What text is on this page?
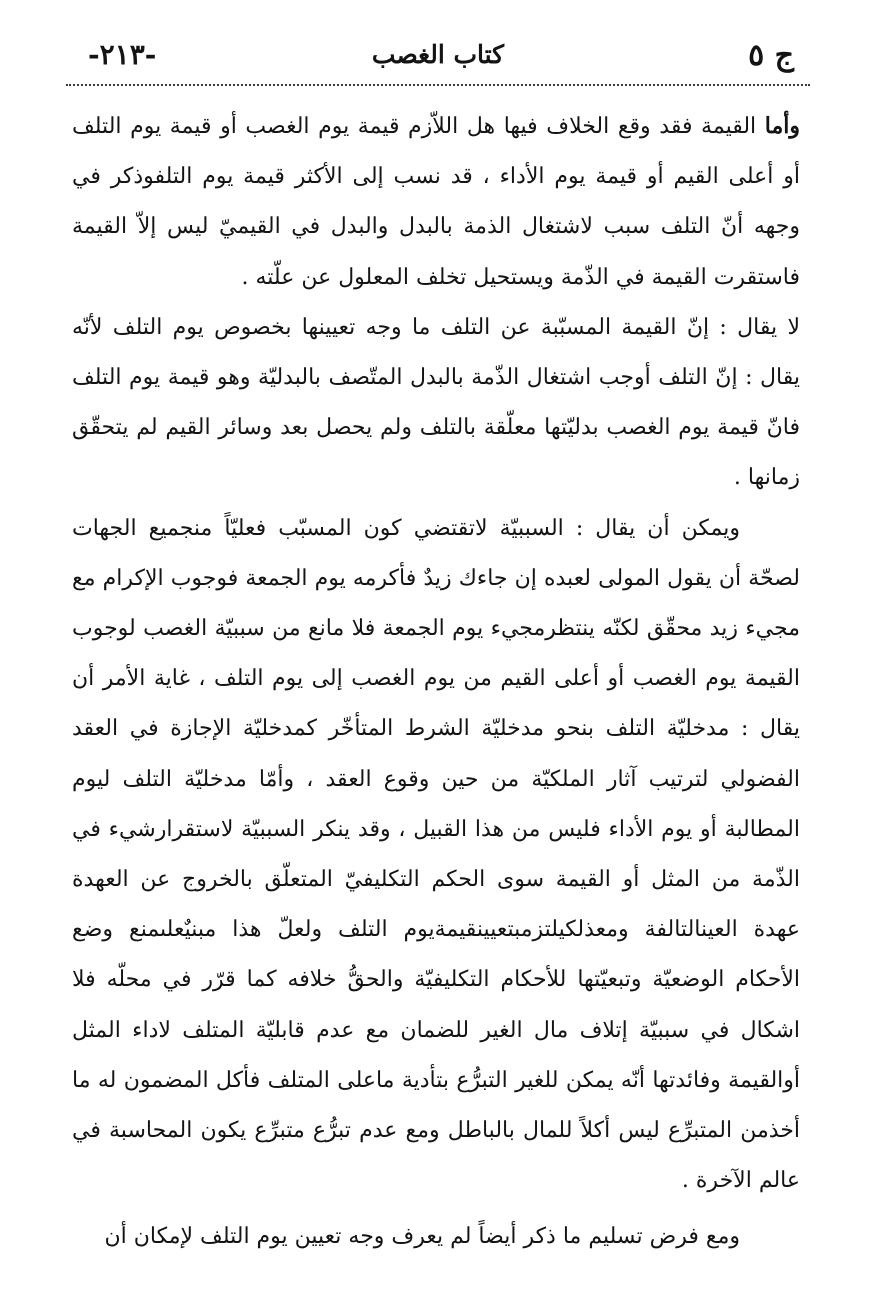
ج ٥
كتاب الغصب
-٢١٣-

وأما القيمة فقد وقع الخلاف فيها هل اللاّزم قيمة يوم الغصب أو قيمة يوم التلف أو أعلى القيم أو قيمة يوم الأداء ، قد نسب إلى الأكثر قيمة يوم التلفوذكر في وجهه أنّ التلف سبب لاشتغال الذمة بالبدل والبدل في القيميّ ليس إلاّ القيمة فاستقرت القيمة في الذّمة ويستحيل تخلف المعلول عن علّته .

لا يقال : إنّ القيمة المسبّبة عن التلف ما وجه تعيينها بخصوص يوم التلف لأنّه يقال : إنّ التلف أوجب اشتغال الذّمة بالبدل المتّصف بالبدليّة وهو قيمة يوم التلف فانّ قيمة يوم الغصب بدليّتها معلّقة بالتلف ولم يحصل بعد وسائر القيم لم يتحقّق زمانها .

ويمكن أن يقال : السببيّة لاتقتضي كون المسبّب فعليّاً منجميع الجهات لصحّة أن يقول المولى لعبده إن جاءك زيدٌ فأكرمه يوم الجمعة فوجوب الإكرام مع مجيء زيد محقّق لكنّه ينتظرمجيء يوم الجمعة فلا مانع من سببيّة الغصب لوجوب القيمة يوم الغصب أو أعلى القيم من يوم الغصب إلى يوم التلف ، غاية الأمر أن يقال : مدخليّة التلف بنحو مدخليّة الشرط المتأخّر كمدخليّة الإجازة في العقد الفضولي لترتيب آثار الملكيّة من حين وقوع العقد ، وأمّا مدخليّة التلف ليوم المطالبة أو يوم الأداء فليس من هذا القبيل ، وقد ينكر السببيّة لاستقرارشيء في الذّمة من المثل أو القيمة سوى الحكم التكليفيّ المتعلّق بالخروج عن العهدة عهدة العينالتالفة ومعذلكيلتزمبتعيينقيمةيوم التلف ولعلّ هذا مبنيٌعلىمنع وضع الأحكام الوضعيّة وتبعيّتها للأحكام التكليفيّة والحقُّ خلافه كما قرّر في محلّه فلا اشكال في سببيّة إتلاف مال الغير للضمان مع عدم قابليّة المتلف لاداء المثل أوالقيمة وفائدتها أنّه يمكن للغير التبرُّع بتأدية ماعلى المتلف فأكل المضمون له ما أخذمن المتبرِّع ليس أكلاً للمال بالباطل ومع عدم تبرُّع متبرِّع يكون المحاسبة في عالم الآخرة .

ومع فرض تسليم ما ذكر أيضاً لم يعرف وجه تعيين يوم التلف لإمكان أن
